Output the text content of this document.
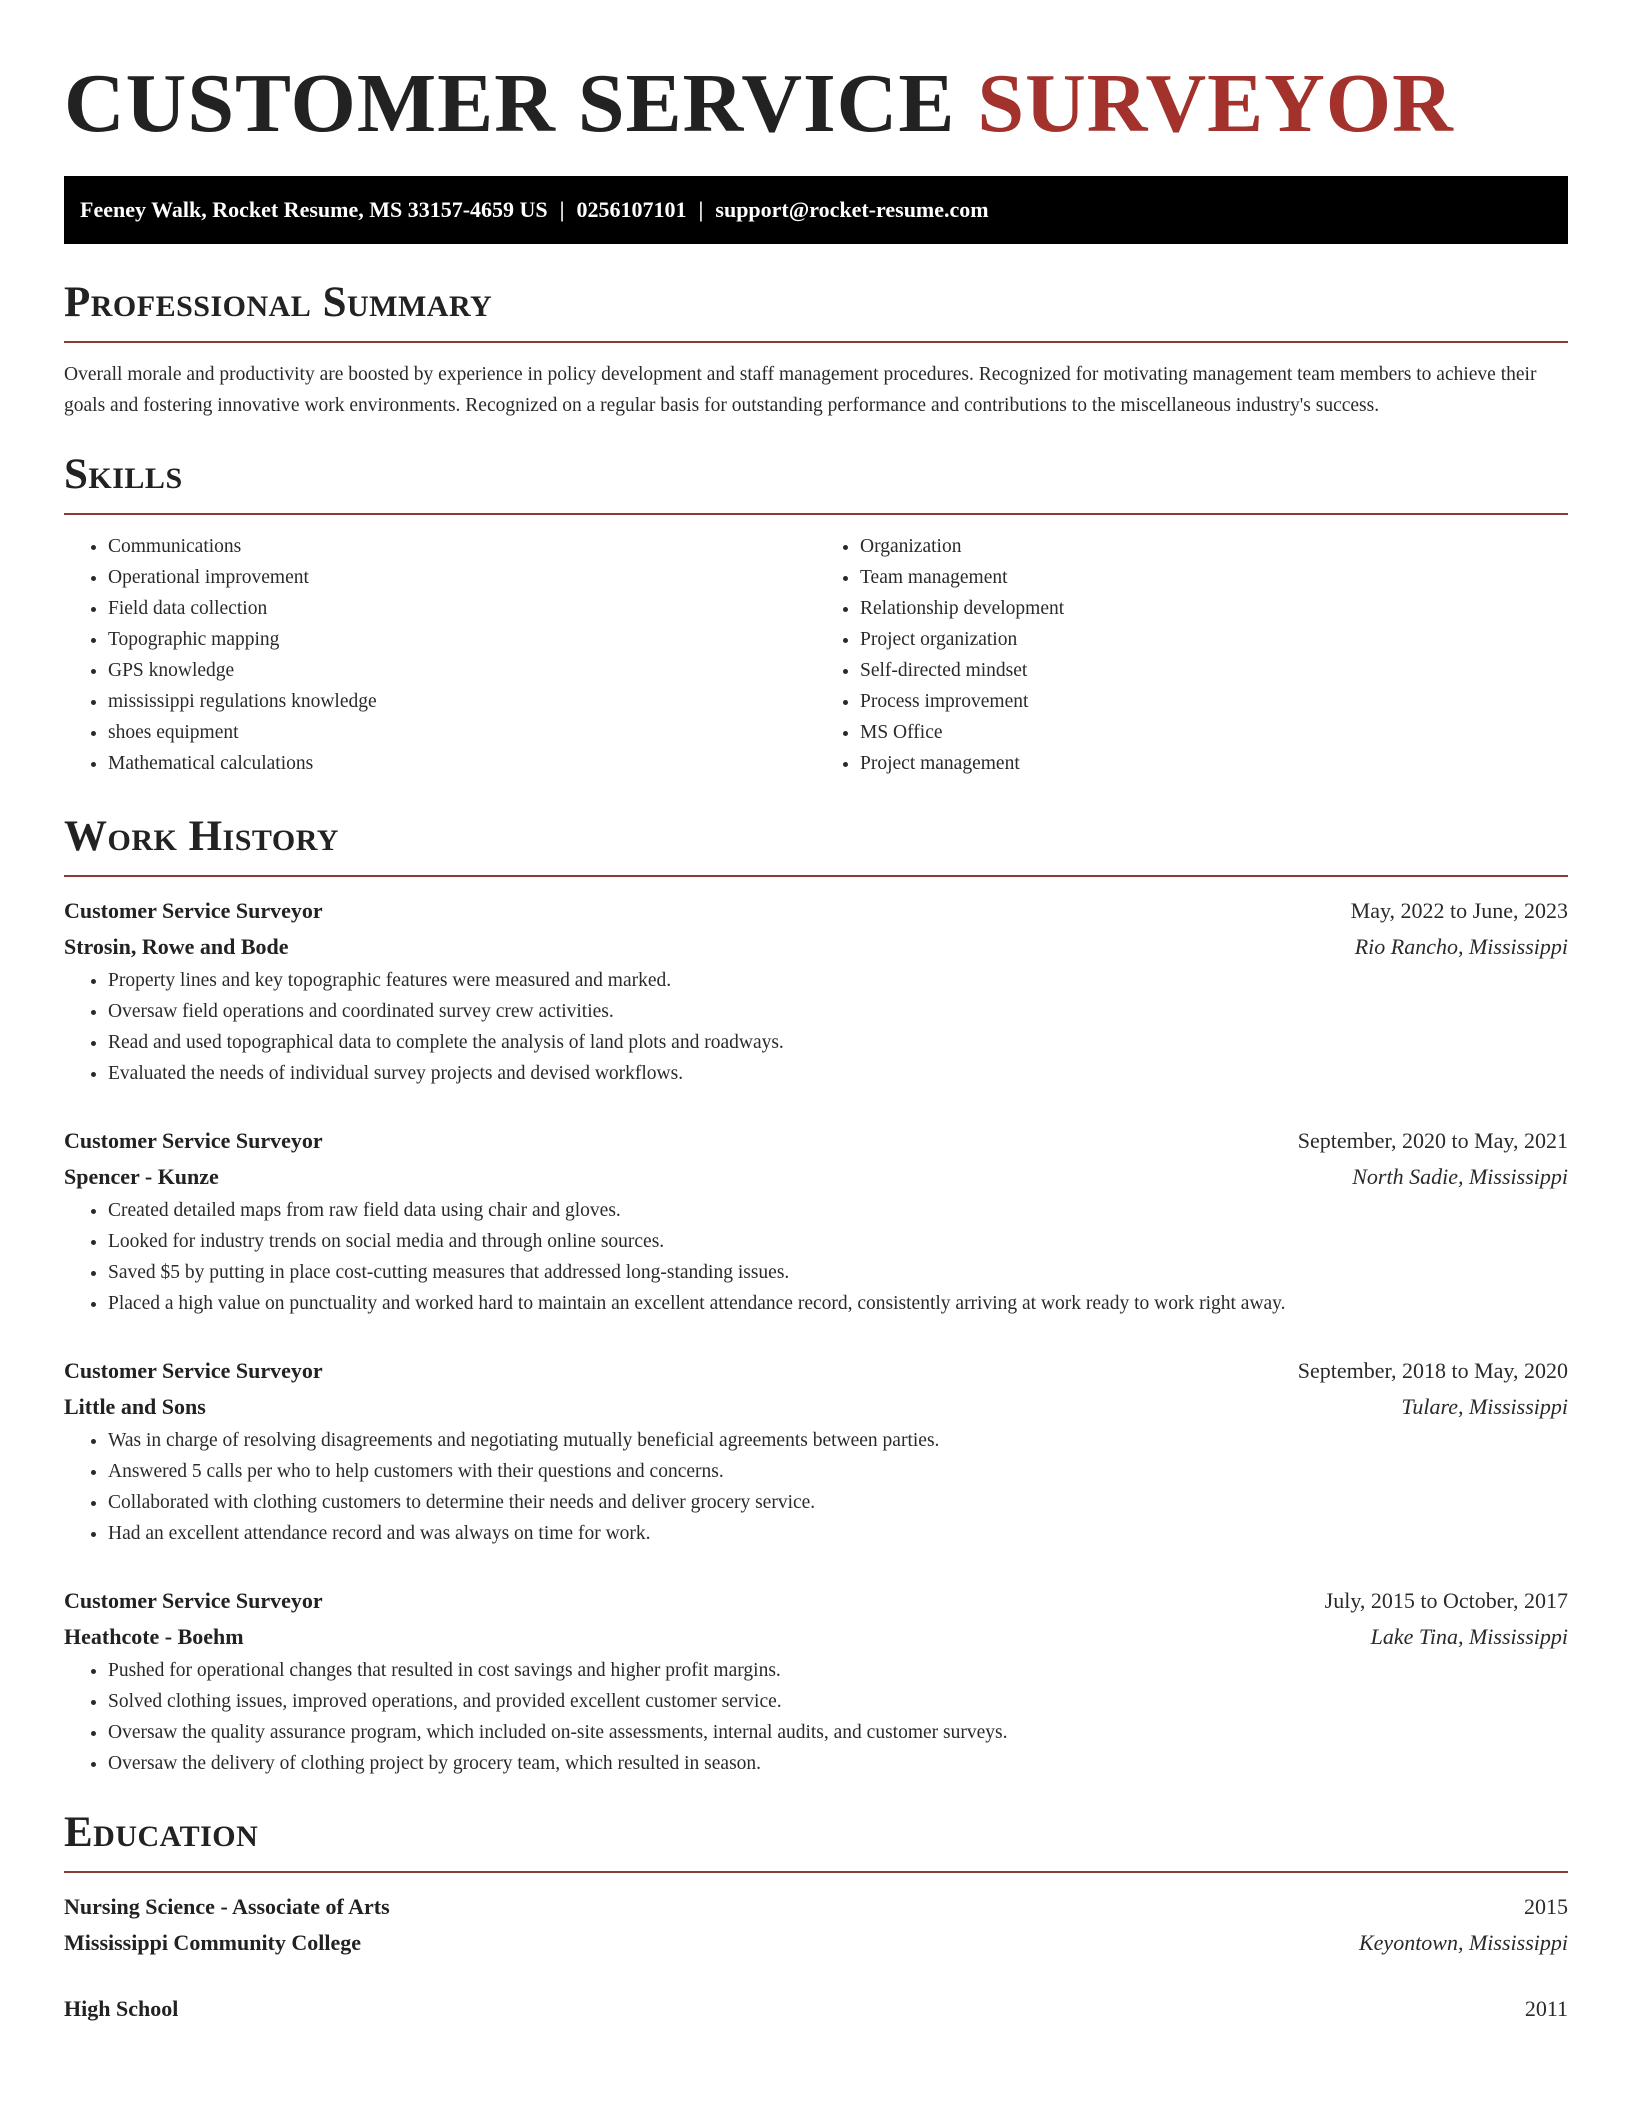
CUSTOMER SERVICE SURVEYOR
Feeney Walk, Rocket Resume, MS 33157-4659 US | 0256107101 | support@rocket-resume.com
Professional Summary

Overall morale and productivity are boosted by experience in policy development and staff management procedures. Recognized for motivating management team members to achieve their goals and fostering innovative work environments. Recognized on a regular basis for outstanding performance and contributions to the miscellaneous industry's success.

Skills
• Communications
• Operational improvement
• Field data collection
• Topographic mapping
• GPS knowledge
• mississippi regulations knowledge
• shoes equipment
• Mathematical calculations
• Organization
• Team management
• Relationship development
• Project organization
• Self-directed mindset
• Process improvement
• MS Office
• Project management
Work History
Customer Service Surveyor	May, 2022 to June, 2023
Strosin, Rowe and Bode	Rio Rancho, Mississippi
• Property lines and key topographic features were measured and marked.
• Oversaw field operations and coordinated survey crew activities.
• Read and used topographical data to complete the analysis of land plots and roadways.
• Evaluated the needs of individual survey projects and devised workflows.
Customer Service Surveyor	September, 2020 to May, 2021
Spencer - Kunze	North Sadie, Mississippi
• Created detailed maps from raw field data using chair and gloves.
• Looked for industry trends on social media and through online sources.
• Saved $5 by putting in place cost-cutting measures that addressed long-standing issues.
• Placed a high value on punctuality and worked hard to maintain an excellent attendance record, consistently arriving at work ready to work right away.
Customer Service Surveyor	September, 2018 to May, 2020
Little and Sons	Tulare, Mississippi
• Was in charge of resolving disagreements and negotiating mutually beneficial agreements between parties.
• Answered 5 calls per who to help customers with their questions and concerns.
• Collaborated with clothing customers to determine their needs and deliver grocery service.
• Had an excellent attendance record and was always on time for work.
Customer Service Surveyor	July, 2015 to October, 2017
Heathcote - Boehm	Lake Tina, Mississippi
• Pushed for operational changes that resulted in cost savings and higher profit margins.
• Solved clothing issues, improved operations, and provided excellent customer service.
• Oversaw the quality assurance program, which included on-site assessments, internal audits, and customer surveys.
• Oversaw the delivery of clothing project by grocery team, which resulted in season.
Education
Nursing Science - Associate of Arts	2015
Mississippi Community College	Keyontown, Mississippi
High School	2011
